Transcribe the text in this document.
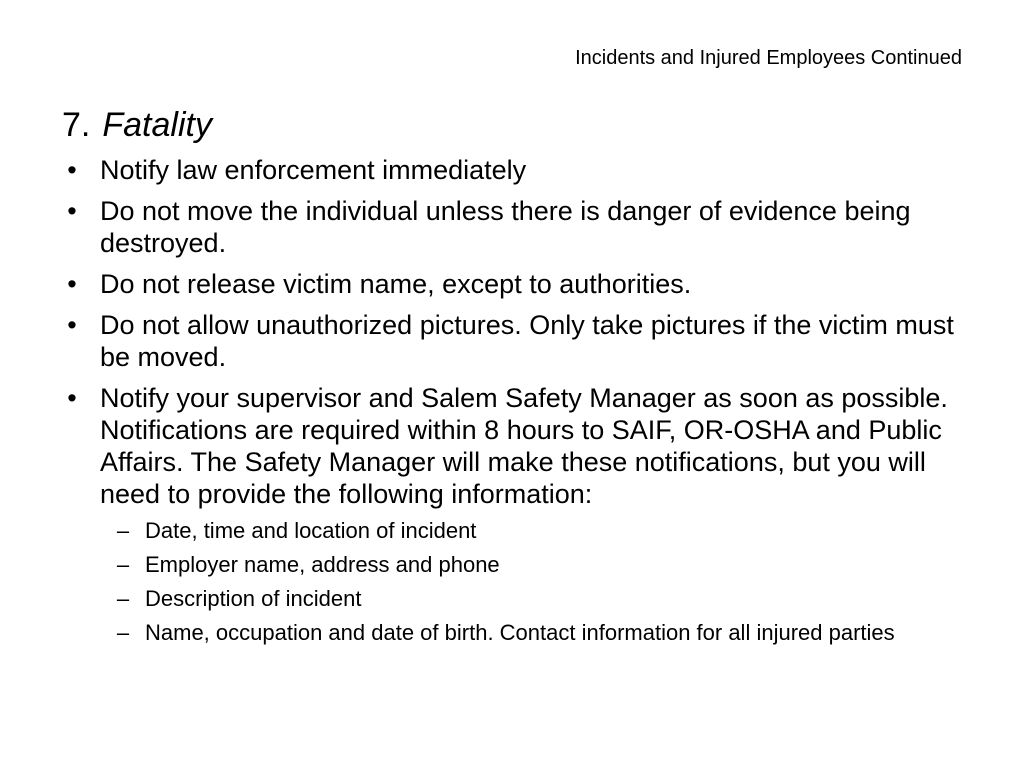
Incidents and Injured Employees Continued
7. Fatality
• Notify law enforcement immediately
• Do not move the individual unless there is danger of evidence being destroyed.
• Do not release victim name, except to authorities.
• Do not allow unauthorized pictures. Only take pictures if the victim must be moved.
• Notify your supervisor and Salem Safety Manager as soon as possible. Notifications are required within 8 hours to SAIF, OR-OSHA and Public Affairs. The Safety Manager will make these notifications, but you will need to provide the following information:
– Date, time and location of incident
– Employer name, address and phone
– Description of incident
– Name, occupation and date of birth. Contact information for all injured parties
